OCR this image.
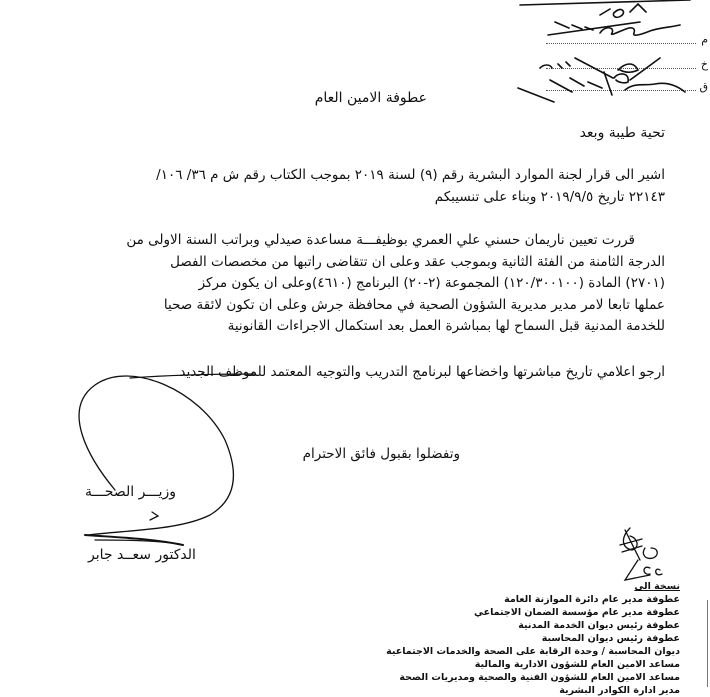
م
خ
ق
عطوفة الامين العام
تحية طيبة وبعد
اشير الى قرار لجنة الموارد البشرية رقم (٩) لسنة ٢٠١٩ بموجب الكتاب رقم ش م ٣٦/ ١٠٦/
٢٢١٤٣ تاريخ ٢٠١٩/٩/٥ وبناء على تنسيبكم
قررت تعيين ناريمان حسني علي العمري بوظيفـــة مساعدة صيدلي وبراتب السنة الاولى من
الدرجة الثامنة من الفئة الثانية وبموجب عقد وعلى ان تتقاضى راتبها من مخصصات الفصل
(٢٧٠١) المادة (١٢٠/٣٠٠١٠٠) المجموعة (٢-٢٠) البرنامج (٤٦١٠)وعلى ان يكون مركز
عملها تابعا لامر مدير مديرية الشؤون الصحية في محافظة جرش وعلى ان تكون لائقة صحيا
للخدمة المدنية قبل السماح لها بمباشرة العمل بعد استكمال الاجراءات القانونية
ارجو اعلامي تاريخ مباشرتها واخضاعها لبرنامج التدريب والتوجيه المعتمد للموظف الجديد
وتفضلوا بقبول فائق الاحترام
وزيـــر الصحـــة
الدكتور سعــد جابر
نسخة الى
عطوفة مدير عام دائرة الموازنة العامة
عطوفة مدير عام مؤسسة الضمان الاجتماعي
عطوفة رئيس ديوان الخدمة المدنية
عطوفة رئيس ديوان المحاسبة
ديوان المحاسبة / وحدة الرقابة على الصحة والخدمات الاجتماعية
مساعد الامين العام للشؤون الادارية والمالية
مساعد الامين العام للشؤون الفنية والصحية ومديريات الصحة
مدير ادارة الكوادر البشرية
